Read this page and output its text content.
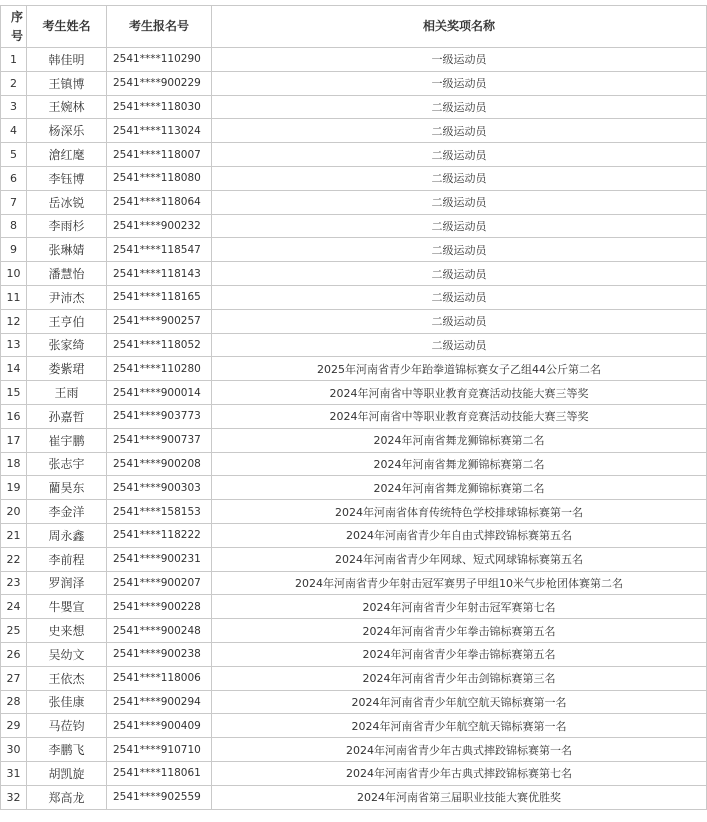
序号	考生姓名	考生报名号	相关奖项名称
1	韩佳明	2541****110290	一级运动员
2	王镇博	2541****900229	一级运动员
3	王婉林	2541****118030	二级运动员
4	杨深乐	2541****113024	二级运动员
5	滄红麾	2541****118007	二级运动员
6	李钰博	2541****118080	二级运动员
7	岳冰锐	2541****118064	二级运动员
8	李雨杉	2541****900232	二级运动员
9	张琳婧	2541****118547	二级运动员
10	潘慧怡	2541****118143	二级运动员
11	尹沛杰	2541****118165	二级运动员
12	王亨伯	2541****900257	二级运动员
13	张家绮	2541****118052	二级运动员
14	娄紫珺	2541****110280	2025年河南省青少年跆拳道锦标赛女子乙组44公斤第二名
15	王雨	2541****900014	2024年河南省中等职业教育竞赛活动技能大赛三等奖
16	孙嘉哲	2541****903773	2024年河南省中等职业教育竞赛活动技能大赛三等奖
17	崔宇鹏	2541****900737	2024年河南省舞龙狮锦标赛第二名
18	张志宇	2541****900208	2024年河南省舞龙狮锦标赛第二名
19	藺昊东	2541****900303	2024年河南省舞龙狮锦标赛第二名
20	李金洋	2541****158153	2024年河南省体育传统特色学校排球锦标赛第一名
21	周永鑫	2541****118222	2024年河南省青少年自由式摔跤锦标赛第五名
22	李前程	2541****900231	2024年河南省青少年网球、短式网球锦标赛第五名
23	罗润泽	2541****900207	2024年河南省青少年射击冠军赛男子甲组10米气步枪团体赛第二名
24	牛嬰宣	2541****900228	2024年河南省青少年射击冠军赛第七名
25	史来想	2541****900248	2024年河南省青少年拳击锦标赛第五名
26	吴幼文	2541****900238	2024年河南省青少年拳击锦标赛第五名
27	王依杰	2541****118006	2024年河南省青少年击剑锦标赛第三名
28	张佳康	2541****900294	2024年河南省青少年航空航天锦标赛第一名
29	马莅钧	2541****900409	2024年河南省青少年航空航天锦标赛第一名
30	李鹏飞	2541****910710	2024年河南省青少年古典式摔跤锦标赛第一名
31	胡凯旋	2541****118061	2024年河南省青少年古典式摔跤锦标赛第七名
32	郑高龙	2541****902559	2024年河南省第三届职业技能大赛优胜奖
